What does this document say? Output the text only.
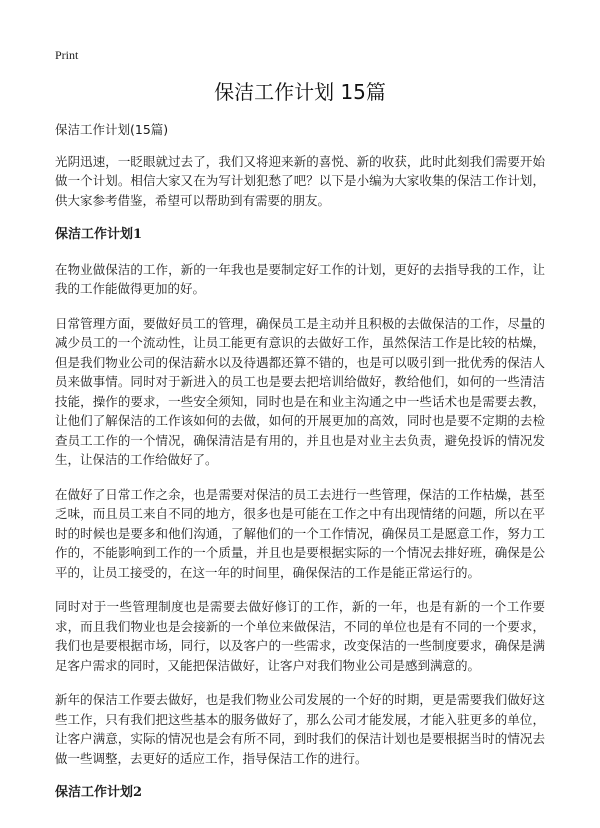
Print
保洁工作计划 15篇
保洁工作计划(15篇)

光阴迅速，一眨眼就过去了，我们又将迎来新的喜悦、新的收获，此时此刻我们需要开始做一个计划。相信大家又在为写计划犯愁了吧？以下是小编为大家收集的保洁工作计划，供大家参考借鉴，希望可以帮助到有需要的朋友。

保洁工作计划1

在物业做保洁的工作，新的一年我也是要制定好工作的计划，更好的去指导我的工作，让我的工作能做得更加的好。

日常管理方面，要做好员工的管理，确保员工是主动并且积极的去做保洁的工作，尽量的减少员工的一个流动性，让员工能更有意识的去做好工作，虽然保洁工作是比较的枯燥，但是我们物业公司的保洁薪水以及待遇都还算不错的，也是可以吸引到一批优秀的保洁人员来做事情。同时对于新进入的员工也是要去把培训给做好，教给他们，如何的一些清洁技能，操作的要求，一些安全须知，同时也是在和业主沟通之中一些话术也是需要去教，让他们了解保洁的工作该如何的去做，如何的开展更加的高效，同时也是要不定期的去检查员工工作的一个情况，确保清洁是有用的，并且也是对业主去负责，避免投诉的情况发生，让保洁的工作给做好了。

在做好了日常工作之余，也是需要对保洁的员工去进行一些管理，保洁的工作枯燥，甚至乏味，而且员工来自不同的地方，很多也是可能在工作之中有出现情绪的问题，所以在平时的时候也是要多和他们沟通，了解他们的一个工作情况，确保员工是愿意工作，努力工作的，不能影响到工作的一个质量，并且也是要根据实际的一个情况去排好班，确保是公平的，让员工接受的，在这一年的时间里，确保保洁的工作是能正常运行的。

同时对于一些管理制度也是需要去做好修订的工作，新的一年，也是有新的一个工作要求，而且我们物业也是会接新的一个单位来做保洁，不同的单位也是有不同的一个要求，我们也是要根据市场，同行，以及客户的一些需求，改变保洁的一些制度要求，确保是满足客户需求的同时，又能把保洁做好，让客户对我们物业公司是感到满意的。

新年的保洁工作要去做好，也是我们物业公司发展的一个好的时期，更是需要我们做好这些工作，只有我们把这些基本的服务做好了，那么公司才能发展，才能入驻更多的单位，让客户满意，实际的情况也是会有所不同，到时我们的保洁计划也是要根据当时的情况去做一些调整，去更好的适应工作，指导保洁工作的进行。

保洁工作计划2
